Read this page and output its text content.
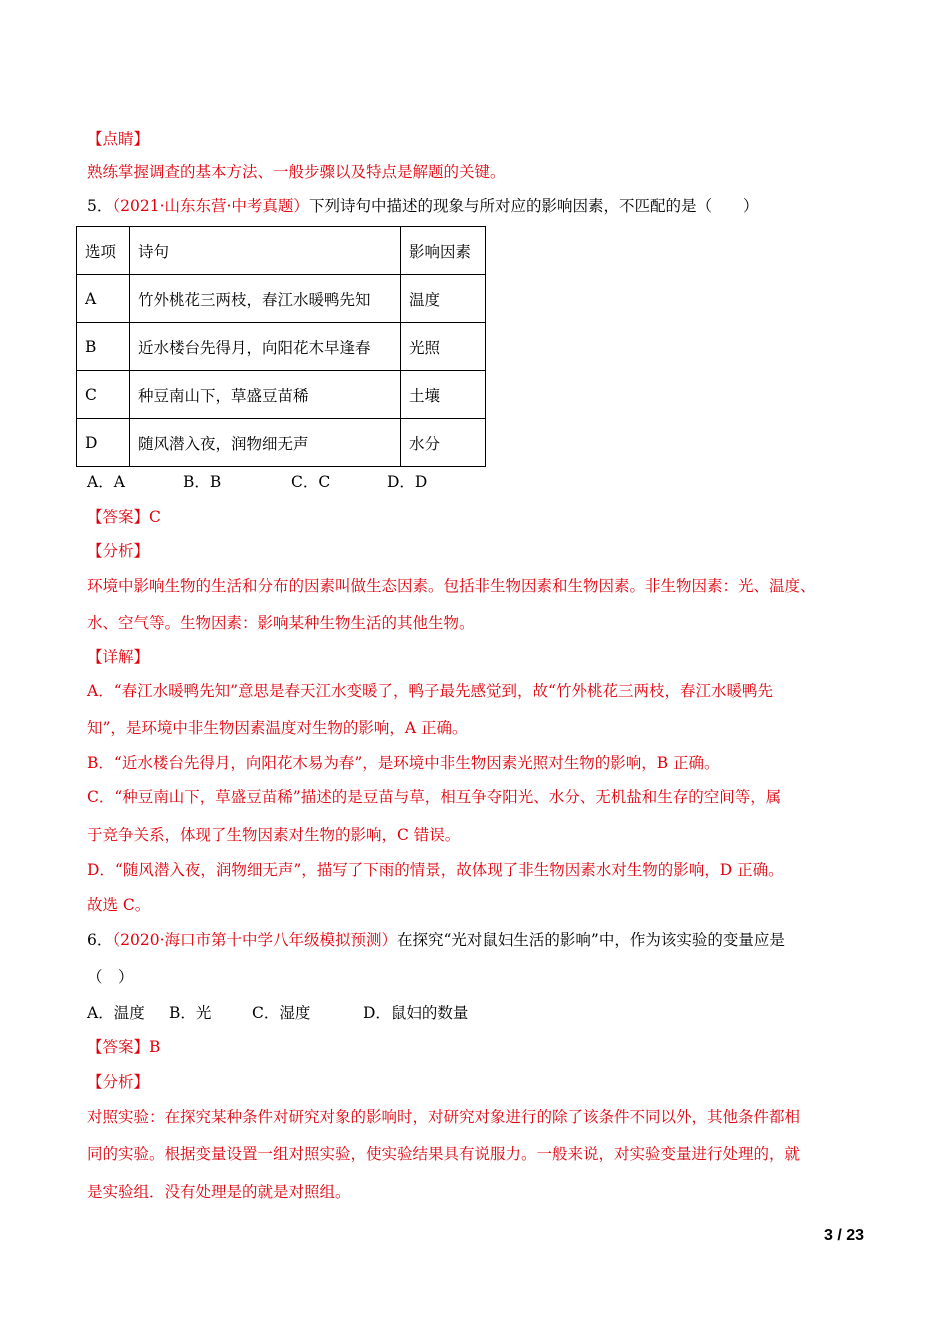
【点睛】
熟练掌握调查的基本方法、一般步骤以及特点是解题的关键。
5．（2021·山东东营·中考真题）下列诗句中描述的现象与所对应的影响因素，不匹配的是（　　）
选项	诗句	影响因素
A	竹外桃花三两枝，春江水暖鸭先知	温度
B	近水楼台先得月，向阳花木早逢春	光照
C	种豆南山下，草盛豆苗稀	土壤
D	随风潜入夜，润物细无声	水分
A．A	B．B	C．C	D．D
【答案】C
【分析】
环境中影响生物的生活和分布的因素叫做生态因素。包括非生物因素和生物因素。非生物因素：光、温度、
水、空气等。生物因素：影响某种生物生活的其他生物。
【详解】
A．“春江水暖鸭先知”意思是春天江水变暖了，鸭子最先感觉到，故“竹外桃花三两枝，春江水暖鸭先
知”，是环境中非生物因素温度对生物的影响，A 正确。
B．“近水楼台先得月，向阳花木易为春”，是环境中非生物因素光照对生物的影响，B 正确。
C．“种豆南山下，草盛豆苗稀”描述的是豆苗与草，相互争夺阳光、水分、无机盐和生存的空间等，属
于竞争关系，体现了生物因素对生物的影响，C 错误。
D．“随风潜入夜，润物细无声”，描写了下雨的情景，故体现了非生物因素水对生物的影响，D 正确。
故选 C。
6．（2020·海口市第十中学八年级模拟预测）在探究“光对鼠妇生活的影响”中，作为该实验的变量应是
（　）
A．温度 B．光	C．湿度	D．鼠妇的数量
【答案】B
【分析】
对照实验：在探究某种条件对研究对象的影响时，对研究对象进行的除了该条件不同以外，其他条件都相
同的实验。根据变量设置一组对照实验，使实验结果具有说服力。一般来说，对实验变量进行处理的，就
是实验组．没有处理是的就是对照组。
3 / 23
